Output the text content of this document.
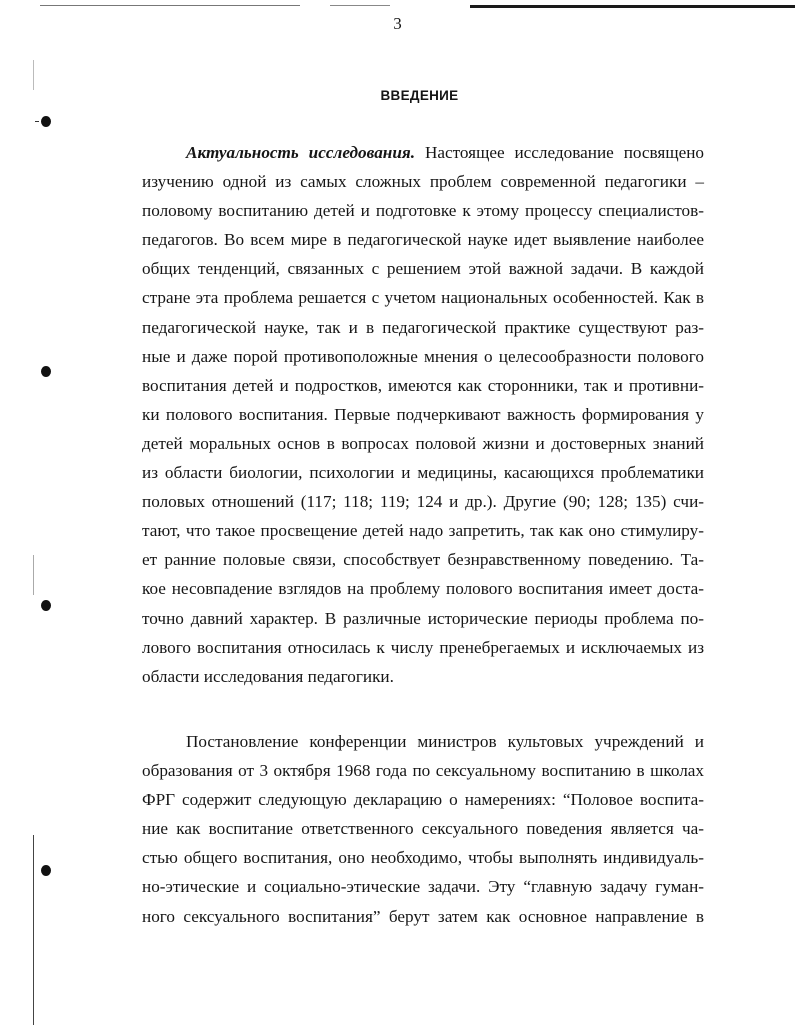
3
ВВЕДЕНИЕ
Актуальность исследования. Настоящее исследование посвящено
изучению одной из самых сложных проблем современной педагогики –
половому воспитанию детей и подготовке к этому процессу специалистов-
педагогов. Во всем мире в педагогической науке идет выявление наиболее
общих тенденций, связанных с решением этой важной задачи. В каждой
стране эта проблема решается с учетом национальных особенностей. Как в
педагогической науке, так и в педагогической практике существуют раз-
ные и даже порой противоположные мнения о целесообразности полового
воспитания детей и подростков, имеются как сторонники, так и противни-
ки полового воспитания. Первые подчеркивают важность формирования у
детей моральных основ в вопросах половой жизни и достоверных знаний
из области биологии, психологии и медицины, касающихся проблематики
половых отношений (117; 118; 119; 124 и др.). Другие (90; 128; 135) счи-
тают, что такое просвещение детей надо запретить, так как оно стимулиру-
ет ранние половые связи, способствует безнравственному поведению. Та-
кое несовпадение взглядов на проблему полового воспитания имеет доста-
точно давний характер. В различные исторические периоды проблема по-
лового воспитания относилась к числу пренебрегаемых и исключаемых из
области исследования педагогики.
Постановление конференции министров культовых учреждений и
образования от 3 октября 1968 года по сексуальному воспитанию в школах
ФРГ содержит следующую декларацию о намерениях: “Половое воспита-
ние как воспитание ответственного сексуального поведения является ча-
стью общего воспитания, оно необходимо, чтобы выполнять индивидуаль-
но-этические и социально-этические задачи. Эту “главную задачу гуман-
ного сексуального воспитания” берут затем как основное направление в
